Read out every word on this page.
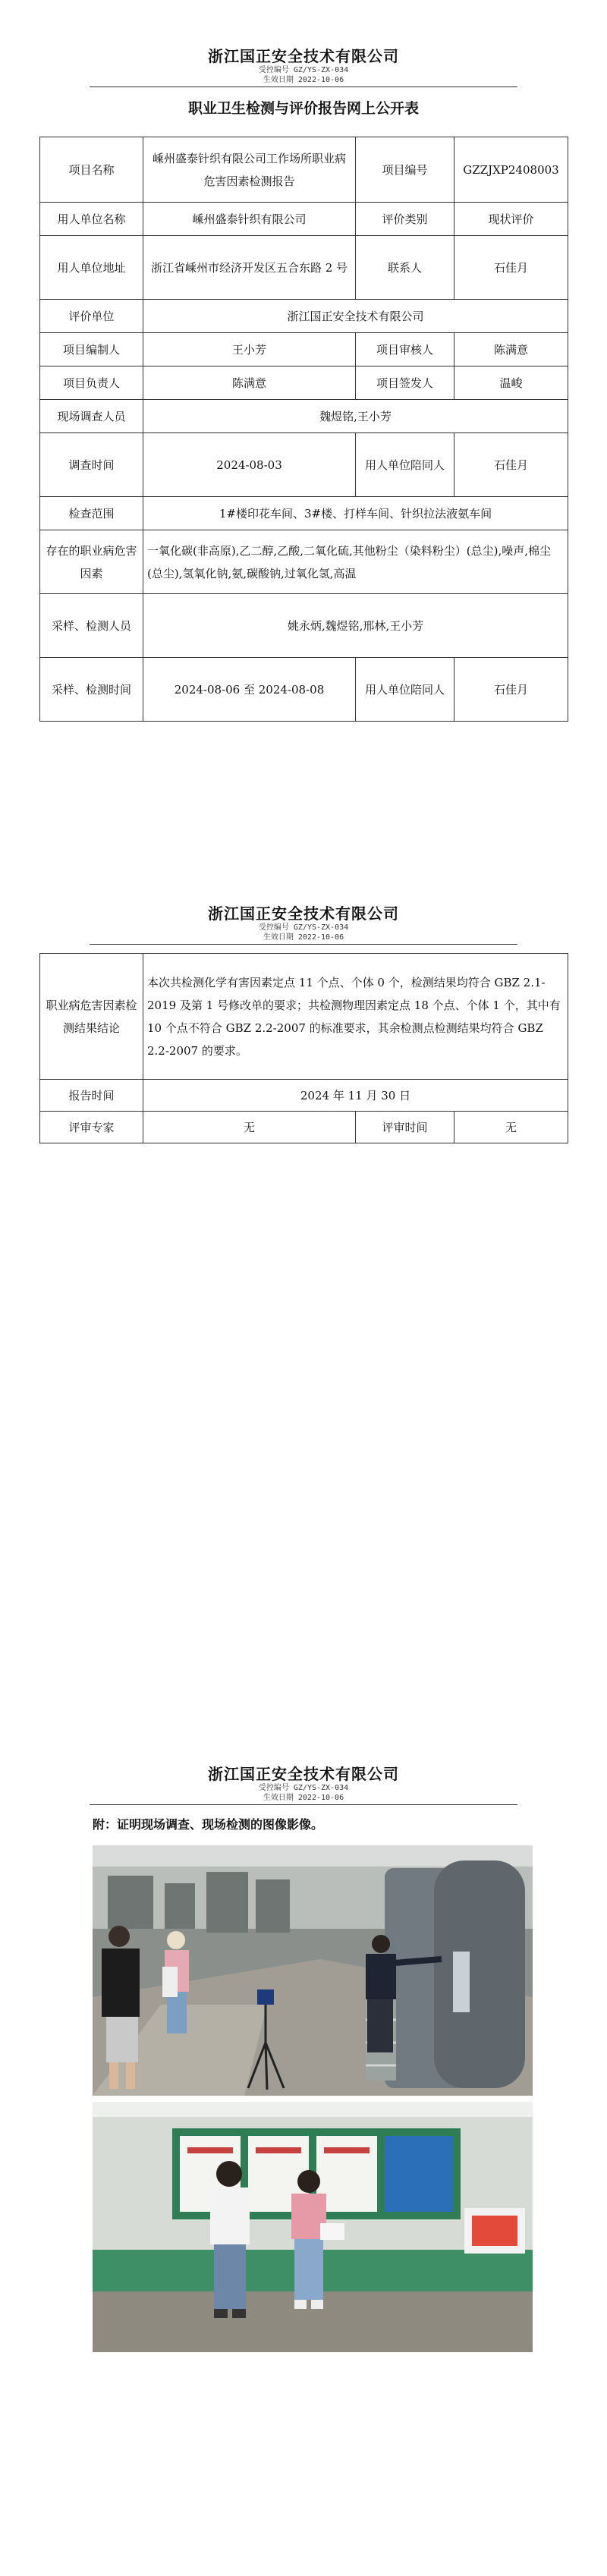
浙江国正安全技术有限公司
受控编号 GZ/YS-ZX-034
生效日期 2022-10-06
职业卫生检测与评价报告网上公开表
项目名称	嵊州盛泰针织有限公司工作场所职业病危害因素检测报告	项目编号	GZZJXP2408003
用人单位名称	嵊州盛泰针织有限公司	评价类别	现状评价
用人单位地址	浙江省嵊州市经济开发区五合东路 2 号	联系人	石佳月
评价单位	浙江国正安全技术有限公司		
项目编制人	王小芳	项目审核人	陈满意
项目负责人	陈满意	项目签发人	温峻
现场调查人员	魏煜铭,王小芳		
调查时间	2024-08-03	用人单位陪同人	石佳月
检查范围	1#楼印花车间、3#楼、打样车间、针织拉法液氨车间		
存在的职业病危害因素	一氧化碳(非高原),乙二醇,乙酸,二氧化硫,其他粉尘（染料粉尘）(总尘),噪声,棉尘(总尘),氢氧化钠,氨,碳酸钠,过氧化氢,高温		
采样、检测人员	姚永炳,魏煜铭,邢林,王小芳		
采样、检测时间	2024-08-06 至 2024-08-08	用人单位陪同人	石佳月
浙江国正安全技术有限公司
受控编号 GZ/YS-ZX-034
生效日期 2022-10-06
职业病危害因素检测结果结论	本次共检测化学有害因素定点 11 个点、个体 0 个，检测结果均符合 GBZ 2.1-2019 及第 1 号修改单的要求；共检测物理因素定点 18 个点、个体 1 个，其中有 10 个点不符合 GBZ 2.2-2007 的标准要求，其余检测点检测结果均符合 GBZ 2.2-2007 的要求。		
报告时间	2024 年 11 月 30 日		
评审专家	无	评审时间	无
浙江国正安全技术有限公司
受控编号 GZ/YS-ZX-034
生效日期 2022-10-06
附：证明现场调查、现场检测的图像影像。
